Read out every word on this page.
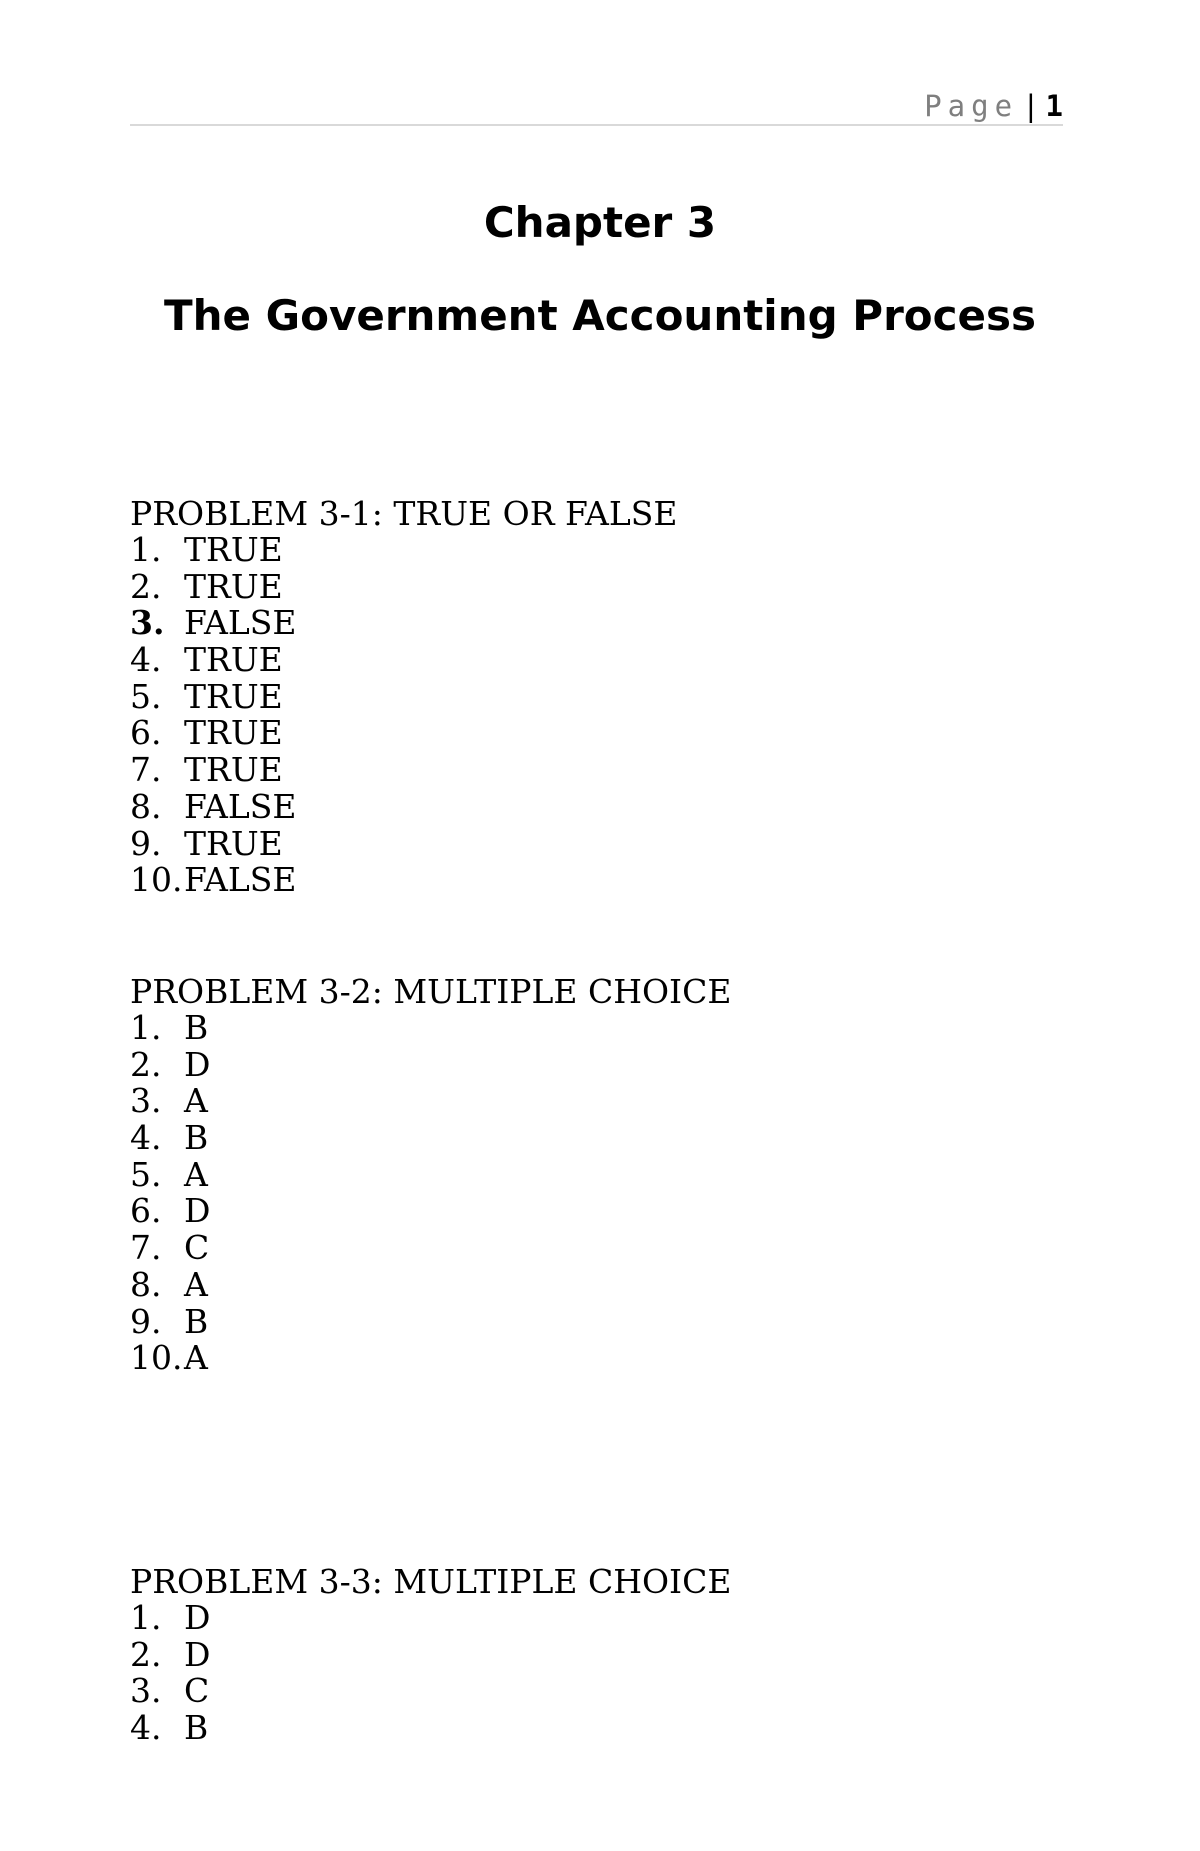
Page | 1
Chapter 3
The Government Accounting Process
PROBLEM 3-1: TRUE OR FALSE
1. TRUE
2. TRUE
3. FALSE
4. TRUE
5. TRUE
6. TRUE
7. TRUE
8. FALSE
9. TRUE
10.FALSE
PROBLEM 3-2: MULTIPLE CHOICE
1. B
2. D
3. A
4. B
5. A
6. D
7. C
8. A
9. B
10.A
PROBLEM 3-3: MULTIPLE CHOICE
1. D
2. D
3. C
4. B
